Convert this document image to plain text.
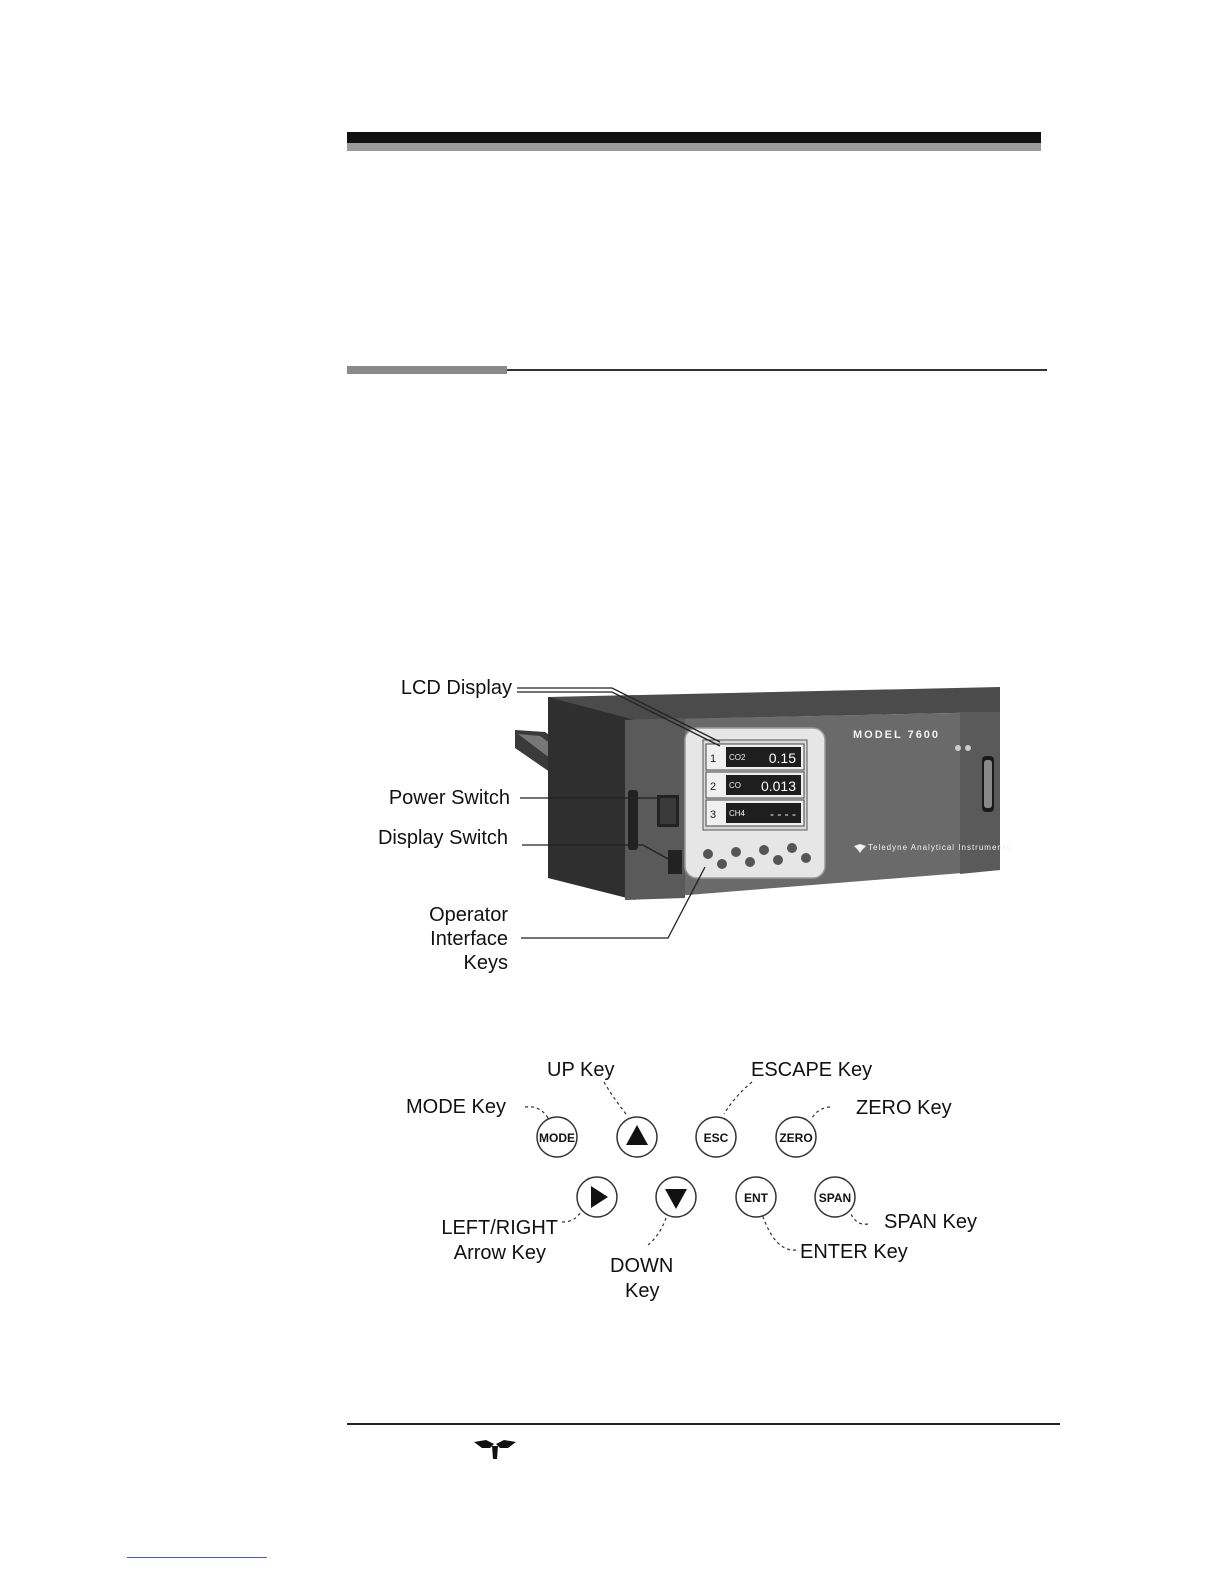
1 CO2 0.15
2 CO 0.013
3 CH4 - - - -
MODEL 7600
Teledyne Analytical Instruments
LCD Display
Power Switch
Display Switch
Operator
Interface
Keys
MODE	ESC	ZERO
ENT	SPAN
UP Key	ESCAPE Key
MODE Key	ZERO Key
LEFT/RIGHT
Arrow Key
SPAN Key
ENTER Key
DOWN
Key
